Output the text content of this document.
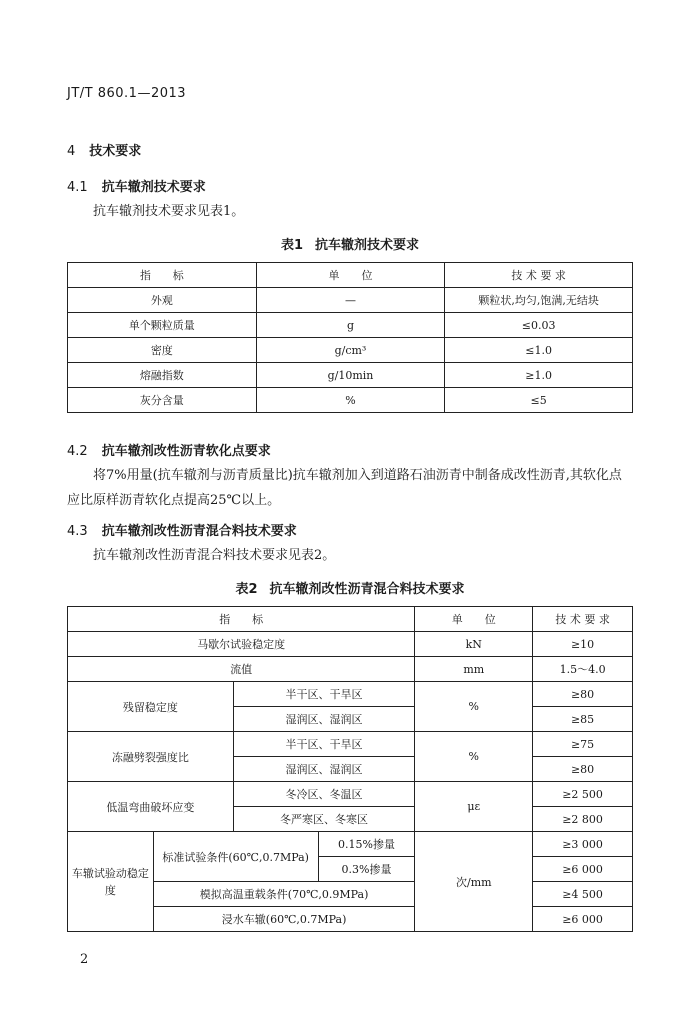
JT/T 860.1—2013
4 技术要求
4.1 抗车辙剂技术要求
抗车辙剂技术要求见表1。
表1 抗车辙剂技术要求
指　　标	单　　位	技 术 要 求
外观	—	颗粒状,均匀,饱满,无结块
单个颗粒质量	g	≤0.03
密度	g/cm³	≤1.0
熔融指数	g/10min	≥1.0
灰分含量	%	≤5
4.2 抗车辙剂改性沥青软化点要求
将7%用量(抗车辙剂与沥青质量比)抗车辙剂加入到道路石油沥青中制备成改性沥青,其软化点
应比原样沥青软化点提高25℃以上。
4.3 抗车辙剂改性沥青混合料技术要求
抗车辙剂改性沥青混合料技术要求见表2。
表2 抗车辙剂改性沥青混合料技术要求
指　　标				单　　位	技 术 要 求
马歇尔试验稳定度				kN	≥10
流值				mm	1.5～4.0
残留稳定度		半干区、干旱区		%	≥80
		湿润区、湿润区			≥85
冻融劈裂强度比		半干区、干旱区		%	≥75
		湿润区、湿润区			≥80
低温弯曲破坏应变		冬冷区、冬温区		με	≥2 500
		冬严寒区、冬寒区			≥2 800
车辙试验动稳定度	标准试验条件(60℃,0.7MPa)		0.15%掺量	次/mm	≥3 000
			0.3%掺量		≥6 000
	模拟高温重载条件(70℃,0.9MPa)				≥4 500
	浸水车辙(60℃,0.7MPa)				≥6 000
2
